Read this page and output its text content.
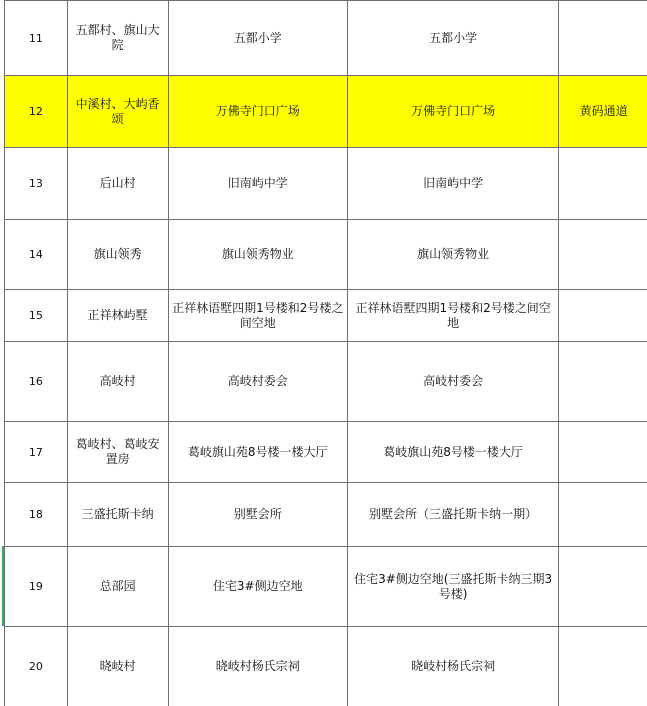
11	五都村、旗山大院	五都小学	五都小学	
12	中溪村、大屿香颂	万佛寺门口广场	万佛寺门口广场	黄码通道
13	后山村	旧南屿中学	旧南屿中学	
14	旗山领秀	旗山领秀物业	旗山领秀物业	
15	正祥林屿墅	正祥林语墅四期1号楼和2号楼之间空地	正祥林语墅四期1号楼和2号楼之间空地	
16	高岐村	高岐村委会	高岐村委会	
17	葛岐村、葛岐安置房	葛岐旗山苑8号楼一楼大厅	葛岐旗山苑8号楼一楼大厅	
18	三盛托斯卡纳	别墅会所	别墅会所（三盛托斯卡纳一期）	
19	总部园	住宅3#侧边空地	住宅3#侧边空地(三盛托斯卡纳三期3号楼)	
20	晓岐村	晓岐村杨氏宗祠	晓岐村杨氏宗祠	
